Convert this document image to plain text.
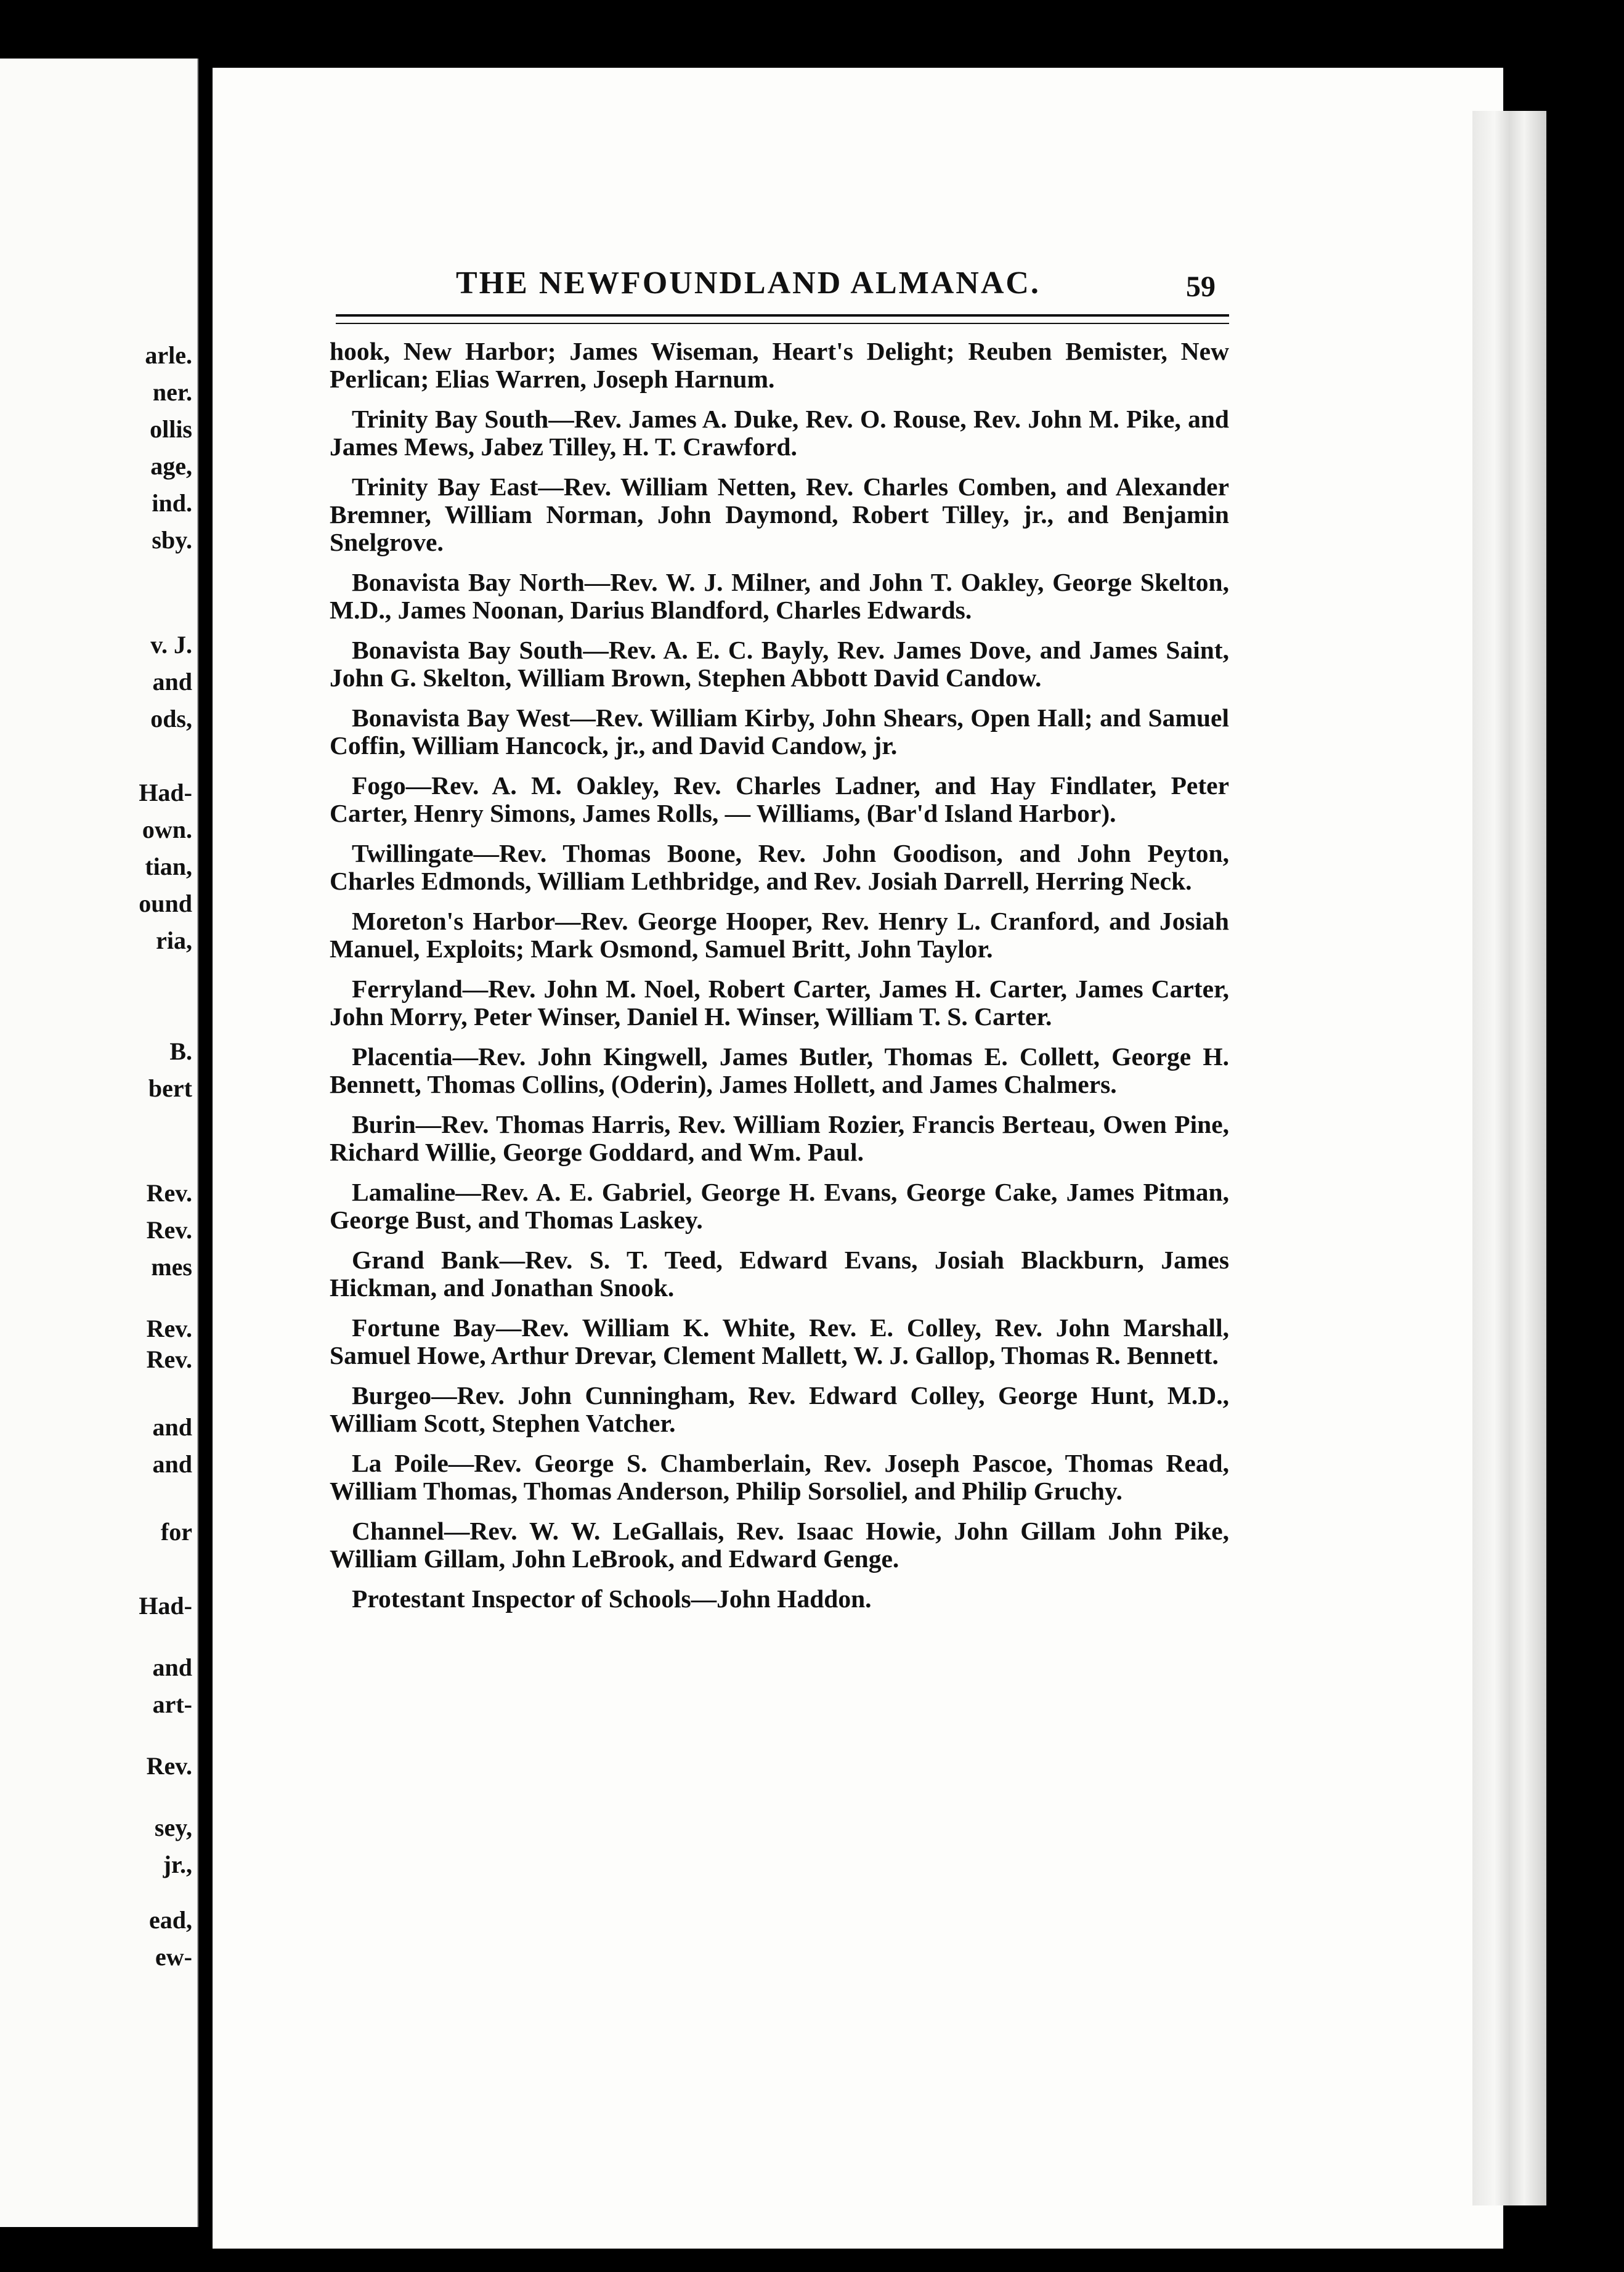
arle.
ner.
ollis
age,
ind.
sby.
v. J.
and
ods,
Had-
own.
tian,
ound
ria,
B.
bert
Rev.
Rev.
mes
Rev.
Rev.
and
and
for
Had-
and
art-
Rev.
sey,
jr.,
ead,
ew-
THE NEWFOUNDLAND ALMANAC.	59

hook, New Harbor; James Wiseman, Heart's Delight; Reuben Bemister, New Perlican; Elias Warren, Joseph Harnum.

Trinity Bay South—Rev. James A. Duke, Rev. O. Rouse, Rev. John M. Pike, and James Mews, Jabez Tilley, H. T. Crawford.

Trinity Bay East—Rev. William Netten, Rev. Charles Comben, and Alexander Bremner, William Norman, John Daymond, Robert Tilley, jr., and Benjamin Snelgrove.

Bonavista Bay North—Rev. W. J. Milner, and John T. Oakley, George Skelton, M.D., James Noonan, Darius Blandford, Charles Edwards.

Bonavista Bay South—Rev. A. E. C. Bayly, Rev. James Dove, and James Saint, John G. Skelton, William Brown, Stephen Abbott David Candow.

Bonavista Bay West—Rev. William Kirby, John Shears, Open Hall; and Samuel Coffin, William Hancock, jr., and David Candow, jr.

Fogo—Rev. A. M. Oakley, Rev. Charles Ladner, and Hay Findlater, Peter Carter, Henry Simons, James Rolls, — Williams, (Bar'd Island Harbor).

Twillingate—Rev. Thomas Boone, Rev. John Goodison, and John Peyton, Charles Edmonds, William Lethbridge, and Rev. Josiah Darrell, Herring Neck.

Moreton's Harbor—Rev. George Hooper, Rev. Henry L. Cranford, and Josiah Manuel, Exploits; Mark Osmond, Samuel Britt, John Taylor.

Ferryland—Rev. John M. Noel, Robert Carter, James H. Carter, James Carter, John Morry, Peter Winser, Daniel H. Winser, William T. S. Carter.

Placentia—Rev. John Kingwell, James Butler, Thomas E. Collett, George H. Bennett, Thomas Collins, (Oderin), James Hollett, and James Chalmers.

Burin—Rev. Thomas Harris, Rev. William Rozier, Francis Berteau, Owen Pine, Richard Willie, George Goddard, and Wm. Paul.

Lamaline—Rev. A. E. Gabriel, George H. Evans, George Cake, James Pitman, George Bust, and Thomas Laskey.

Grand Bank—Rev. S. T. Teed, Edward Evans, Josiah Blackburn, James Hickman, and Jonathan Snook.

Fortune Bay—Rev. William K. White, Rev. E. Colley, Rev. John Marshall, Samuel Howe, Arthur Drevar, Clement Mallett, W. J. Gallop, Thomas R. Bennett.

Burgeo—Rev. John Cunningham, Rev. Edward Colley, George Hunt, M.D., William Scott, Stephen Vatcher.

La Poile—Rev. George S. Chamberlain, Rev. Joseph Pascoe, Thomas Read, William Thomas, Thomas Anderson, Philip Sorsoliel, and Philip Gruchy.

Channel—Rev. W. W. LeGallais, Rev. Isaac Howie, John Gillam John Pike, William Gillam, John LeBrook, and Edward Genge.

Protestant Inspector of Schools—John Haddon.
